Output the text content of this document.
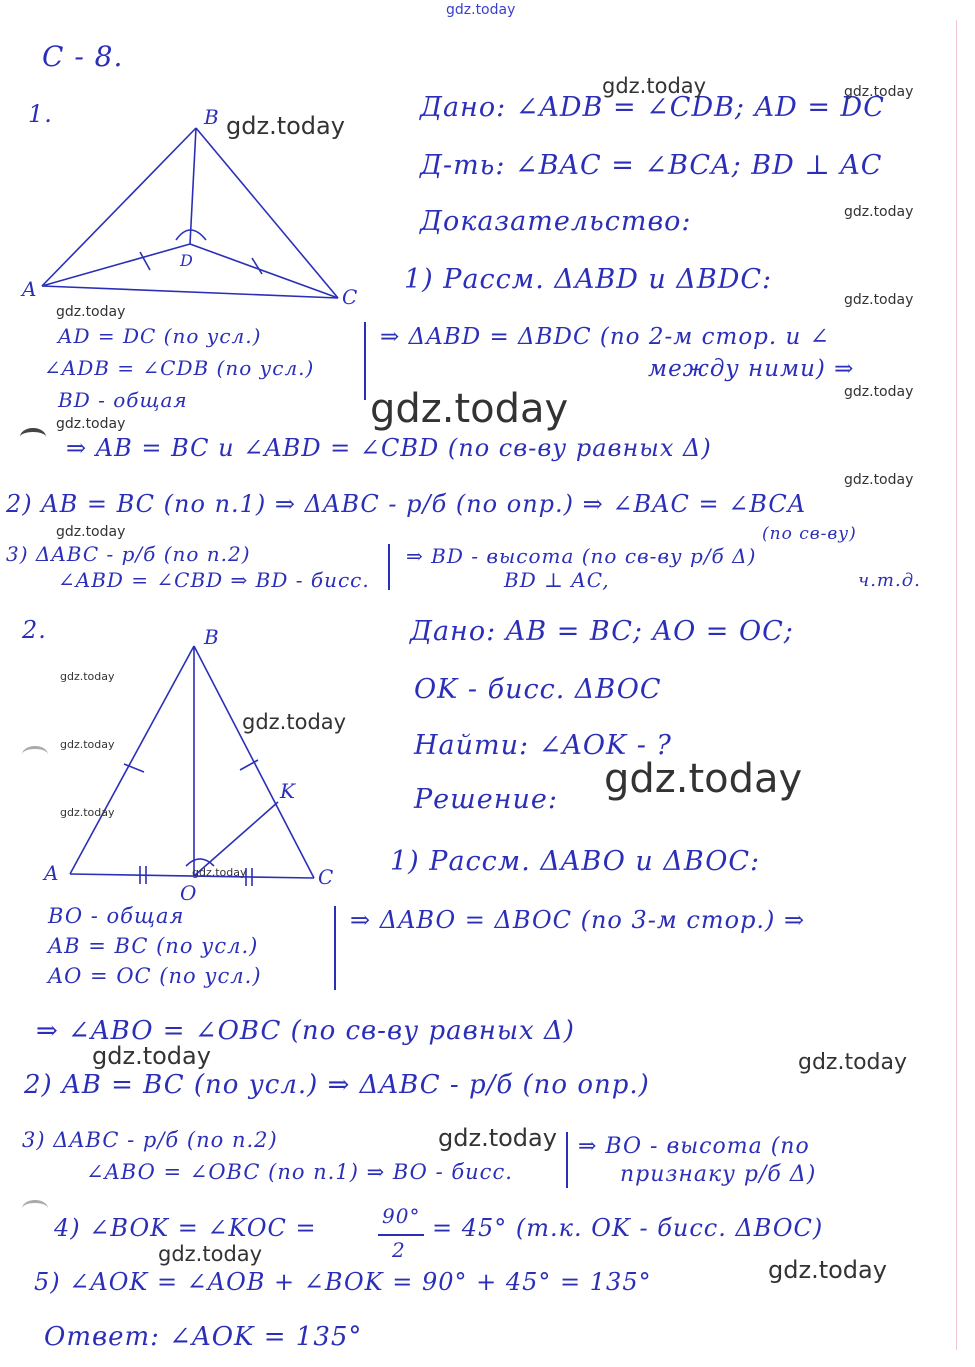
gdz.today
С - 8.
1.	B
A	C
D
Дано: ∠ADB = ∠CDB; AD = DC
Д-ть: ∠BAC = ∠BCA; BD ⊥ AC
Доказательство:
1) Рассм. ΔABD и ΔBDC:
AD = DC (по усл.)
∠ADB = ∠CDB (по усл.)
BD - общая
⇒ ΔABD = ΔBDC (по 2-м стор. и ∠
между ними) ⇒
⇒ AB = BC и ∠ABD = ∠CBD (по св-ву равных Δ)
2) AB = BC (по п.1) ⇒ ΔABC - р/б (по опр.) ⇒ ∠BAC = ∠BCA
(по св-ву)
3) ΔABC - р/б (по п.2)
∠ABD = ∠CBD ⇒ BD - бисс.
⇒ BD - высота (по св-ву р/б Δ)
BD ⊥ AC,	ч.т.д.
2.	B
A	C
O
K
Дано: AB = BC; AO = OC;
OK - бисс. ΔBOC
Найти: ∠AOK - ?
Решение:
1) Рассм. ΔABO и ΔBOC:
BO - общая
AB = BC (по усл.)
AO = OC (по усл.)
⇒ ΔABO = ΔBOC (по 3-м стор.) ⇒
⇒ ∠ABO = ∠OBC (по св-ву равных Δ)
2) AB = BC (по усл.) ⇒ ΔABC - р/б (по опр.)
3) ΔABC - р/б (по п.2)
∠ABO = ∠OBC (по п.1) ⇒ BO - бисс.
⇒ BO - высота (по
признаку р/б Δ)
4) ∠BOK = ∠KOC =	90°
2
= 45° (т.к. OK - бисс. ΔBOC)
5) ∠AOK = ∠AOB + ∠BOK = 90° + 45° = 135°
Ответ: ∠AOK = 135°
gdz.today
gdz.today
gdz.today
gdz.today
gdz.today
gdz.today
gdz.today
gdz.today
gdz.today
gdz.today
gdz.today
gdz.today
gdz.today
gdz.today
gdz.today
gdz.today
gdz.today
gdz.today
gdz.today
gdz.today
gdz.today
gdz.today
